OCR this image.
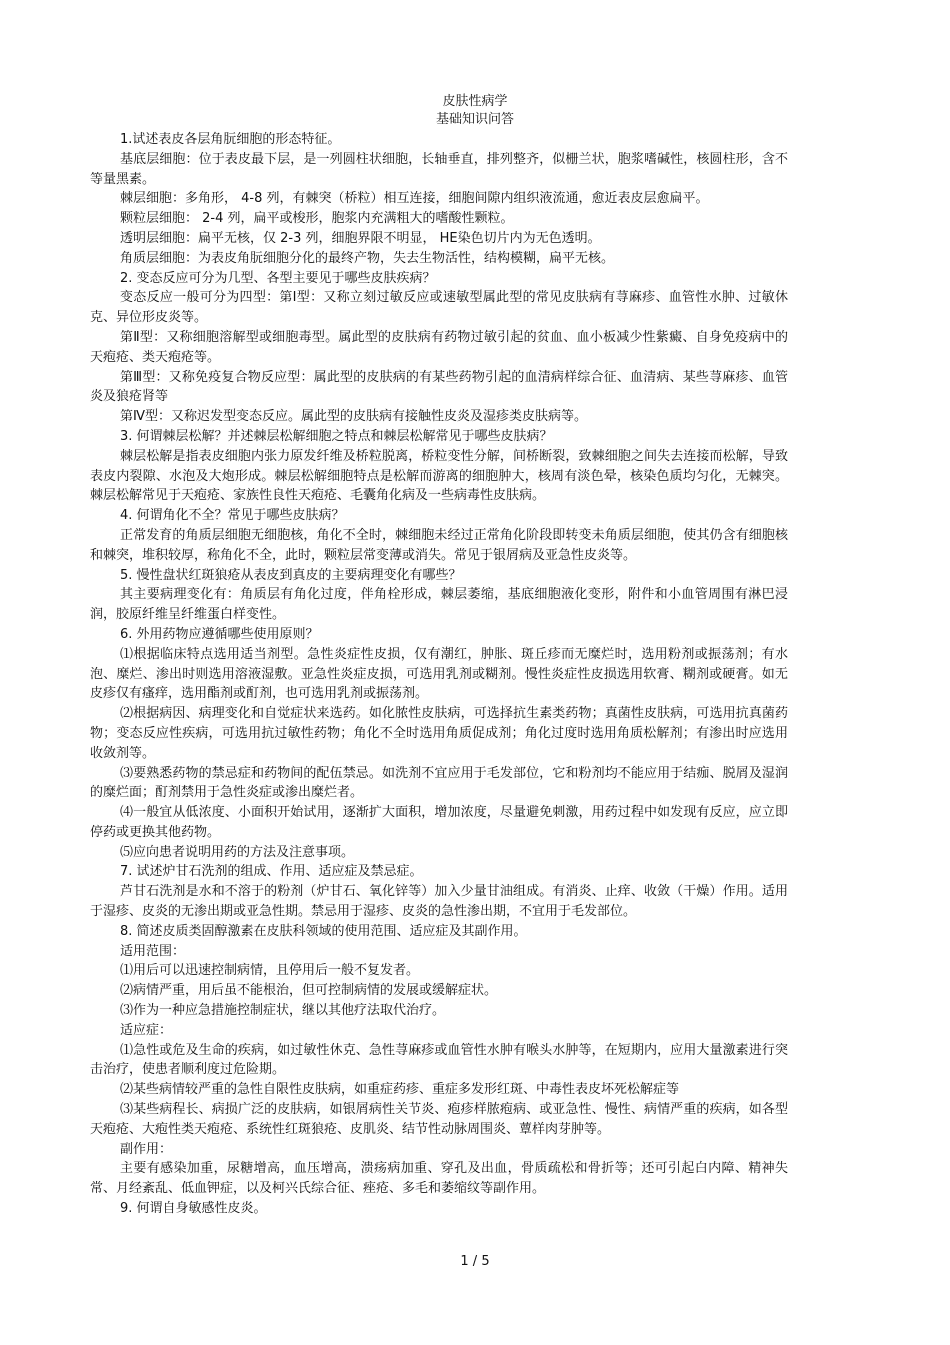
皮肤性病学
基础知识问答

1.试述表皮各层角朊细胞的形态特征。

基底层细胞：位于表皮最下层，是一列圆柱状细胞，长轴垂直，排列整齐，似栅兰状，胞浆嗜碱性，核圆柱形，含不等量黑素。

棘层细胞：多角形， 4-8 列，有棘突（桥粒）相互连接，细胞间隙内组织液流通，愈近表皮层愈扁平。

颗粒层细胞： 2-4 列，扁平或梭形，胞浆内充满粗大的嗜酸性颗粒。

透明层细胞：扁平无核，仅 2-3 列，细胞界限不明显， HE染色切片内为无色透明。

角质层细胞：为表皮角朊细胞分化的最终产物，失去生物活性，结构模糊，扁平无核。

2. 变态反应可分为几型、各型主要见于哪些皮肤疾病？

变态反应一般可分为四型：第Ⅰ型：又称立刻过敏反应或速敏型属此型的常见皮肤病有荨麻疹、血管性水肿、过敏休克、异位形皮炎等。

第Ⅱ型：又称细胞溶解型或细胞毒型。属此型的皮肤病有药物过敏引起的贫血、血小板减少性紫癜、自身免疫病中的天疱疮、类天疱疮等。

第Ⅲ型：又称免疫复合物反应型：属此型的皮肤病的有某些药物引起的血清病样综合征、血清病、某些荨麻疹、血管炎及狼疮肾等

第Ⅳ型：又称迟发型变态反应。属此型的皮肤病有接触性皮炎及湿疹类皮肤病等。

3. 何谓棘层松解？并述棘层松解细胞之特点和棘层松解常见于哪些皮肤病？

棘层松解是指表皮细胞内张力原发纤维及桥粒脱离，桥粒变性分解，间桥断裂，致棘细胞之间失去连接而松解，导致表皮内裂隙、水泡及大炮形成。棘层松解细胞特点是松解而游离的细胞肿大，核周有淡色晕，核染色质均匀化，无棘突。棘层松解常见于天疱疮、家族性良性天疱疮、毛囊角化病及一些病毒性皮肤病。

4. 何谓角化不全？常见于哪些皮肤病？

正常发育的角质层细胞无细胞核，角化不全时，棘细胞未经过正常角化阶段即转变未角质层细胞，使其仍含有细胞核和棘突，堆积较厚，称角化不全，此时，颗粒层常变薄或消失。常见于银屑病及亚急性皮炎等。

5. 慢性盘状红斑狼疮从表皮到真皮的主要病理变化有哪些？

其主要病理变化有：角质层有角化过度，伴角栓形成，棘层萎缩，基底细胞液化变形，附件和小血管周围有淋巴浸润，胶原纤维呈纤维蛋白样变性。

6. 外用药物应遵循哪些使用原则？

⑴根据临床特点选用适当剂型。急性炎症性皮损，仅有潮红，肿胀、斑丘疹而无糜烂时，选用粉剂或振荡剂；有水泡、糜烂、渗出时则选用溶液湿敷。亚急性炎症皮损，可选用乳剂或糊剂。慢性炎症性皮损选用软膏、糊剂或硬膏。如无皮疹仅有瘙痒，选用酯剂或酊剂，也可选用乳剂或振荡剂。

⑵根据病因、病理变化和自觉症状来选药。如化脓性皮肤病，可选择抗生素类药物；真菌性皮肤病，可选用抗真菌药物；变态反应性疾病，可选用抗过敏性药物；角化不全时选用角质促成剂；角化过度时选用角质松解剂；有渗出时应选用收敛剂等。

⑶要熟悉药物的禁忌症和药物间的配伍禁忌。如洗剂不宜应用于毛发部位，它和粉剂均不能应用于结痂、脱屑及湿润的糜烂面；酊剂禁用于急性炎症或渗出糜烂者。

⑷一般宜从低浓度、小面积开始试用，逐渐扩大面积，增加浓度，尽量避免刺激，用药过程中如发现有反应，应立即停药或更换其他药物。

⑸应向患者说明用药的方法及注意事项。

7. 试述炉甘石洗剂的组成、作用、适应症及禁忌症。

芦甘石洗剂是水和不溶于的粉剂（炉甘石、氧化锌等）加入少量甘油组成。有消炎、止痒、收敛（干燥）作用。适用于湿疹、皮炎的无渗出期或亚急性期。禁忌用于湿疹、皮炎的急性渗出期，不宜用于毛发部位。

8. 简述皮质类固醇激素在皮肤科领域的使用范围、适应症及其副作用。

适用范围：

⑴用后可以迅速控制病情，且停用后一般不复发者。

⑵病情严重，用后虽不能根治，但可控制病情的发展或缓解症状。

⑶作为一种应急措施控制症状，继以其他疗法取代治疗。

适应症：

⑴急性或危及生命的疾病，如过敏性休克、急性荨麻疹或血管性水肿有喉头水肿等，在短期内，应用大量激素进行突击治疗，使患者顺利度过危险期。

⑵某些病情较严重的急性自限性皮肤病，如重症药疹、重症多发形红斑、中毒性表皮坏死松解症等

⑶某些病程长、病损广泛的皮肤病，如银屑病性关节炎、疱疹样脓疱病、或亚急性、慢性、病情严重的疾病，如各型天疱疮、大疱性类天疱疮、系统性红斑狼疮、皮肌炎、结节性动脉周围炎、蕈样肉芽肿等。

副作用：

主要有感染加重，尿糖增高，血压增高，溃疡病加重、穿孔及出血，骨质疏松和骨折等；还可引起白内障、精神失常、月经紊乱、低血钾症，以及柯兴氏综合征、痤疮、多毛和萎缩纹等副作用。

9. 何谓自身敏感性皮炎。

1 / 5
